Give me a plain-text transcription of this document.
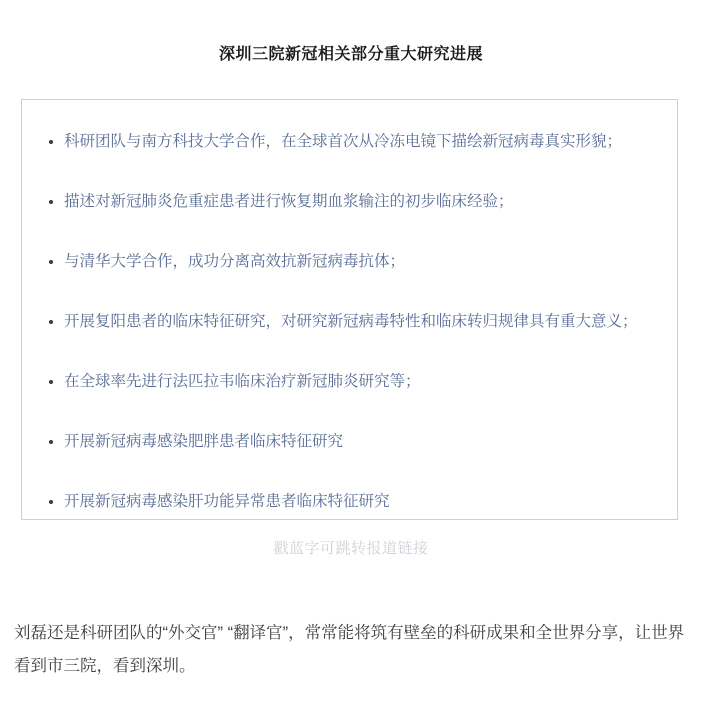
深圳三院新冠相关部分重大研究进展
• 科研团队与南方科技大学合作，在全球首次从冷冻电镜下描绘新冠病毒真实形貌；
• 描述对新冠肺炎危重症患者进行恢复期血浆输注的初步临床经验；
• 与清华大学合作，成功分离高效抗新冠病毒抗体；
• 开展复阳患者的临床特征研究，对研究新冠病毒特性和临床转归规律具有重大意义；
• 在全球率先进行法匹拉韦临床治疗新冠肺炎研究等；
• 开展新冠病毒感染肥胖患者临床特征研究
• 开展新冠病毒感染肝功能异常患者临床特征研究
戳蓝字可跳转报道链接

刘磊还是科研团队的“外交官” “翻译官”，常常能将筑有壁垒的科研成果和全世界分享，让世界看到市三院，看到深圳。
